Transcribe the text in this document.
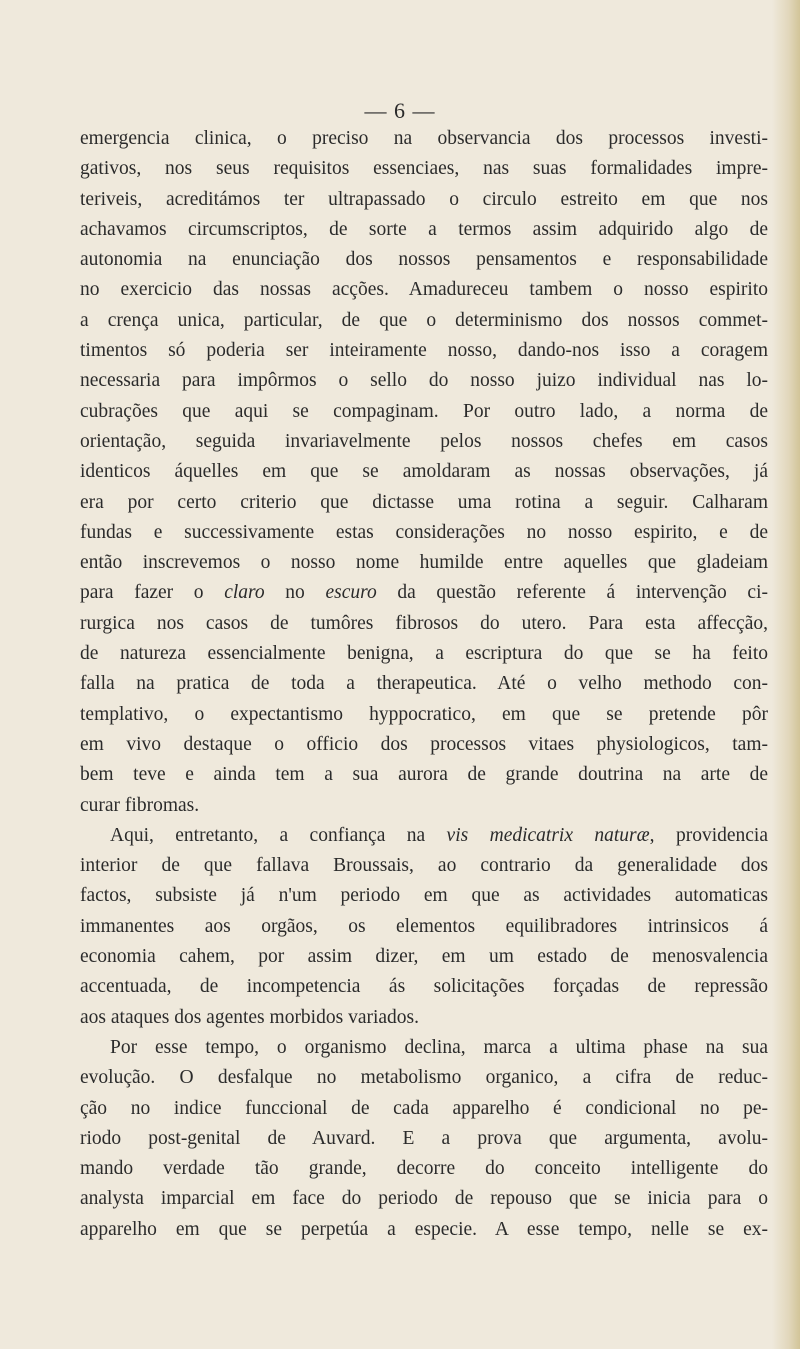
— 6 —
emergencia clinica, o preciso na observancia dos processos investi-
gativos, nos seus requisitos essenciaes, nas suas formalidades impre-
teriveis, acreditámos ter ultrapassado o circulo estreito em que nos
achavamos circumscriptos, de sorte a termos assim adquirido algo de
autonomia na enunciação dos nossos pensamentos e responsabilidade
no exercicio das nossas acções. Amadureceu tambem o nosso espirito
a crença unica, particular, de que o determinismo dos nossos commet-
timentos só poderia ser inteiramente nosso, dando-nos isso a coragem
necessaria para impôrmos o sello do nosso juizo individual nas lo-
cubrações que aqui se compaginam. Por outro lado, a norma de
orientação, seguida invariavelmente pelos nossos chefes em casos
identicos áquelles em que se amoldaram as nossas observações, já
era por certo criterio que dictasse uma rotina a seguir. Calharam
fundas e successivamente estas considerações no nosso espirito, e de
então inscrevemos o nosso nome humilde entre aquelles que gladeiam
para fazer o claro no escuro da questão referente á intervenção ci-
rurgica nos casos de tumôres fibrosos do utero. Para esta affecção,
de natureza essencialmente benigna, a escriptura do que se ha feito
falla na pratica de toda a therapeutica. Até o velho methodo con-
templativo, o expectantismo hyppocratico, em que se pretende pôr
em vivo destaque o officio dos processos vitaes physiologicos, tam-
bem teve e ainda tem a sua aurora de grande doutrina na arte de
curar fibromas.
Aqui, entretanto, a confiança na vis medicatrix naturæ, providencia
interior de que fallava Broussais, ao contrario da generalidade dos
factos, subsiste já n'um periodo em que as actividades automaticas
immanentes aos orgãos, os elementos equilibradores intrinsicos á
economia cahem, por assim dizer, em um estado de menosvalencia
accentuada, de incompetencia ás solicitações forçadas de repressão
aos ataques dos agentes morbidos variados.
Por esse tempo, o organismo declina, marca a ultima phase na sua
evolução. O desfalque no metabolismo organico, a cifra de reduc-
ção no indice funccional de cada apparelho é condicional no pe-
riodo post-genital de Auvard. E a prova que argumenta, avolu-
mando verdade tão grande, decorre do conceito intelligente do
analysta imparcial em face do periodo de repouso que se inicia para o
apparelho em que se perpetúa a especie. A esse tempo, nelle se ex-
